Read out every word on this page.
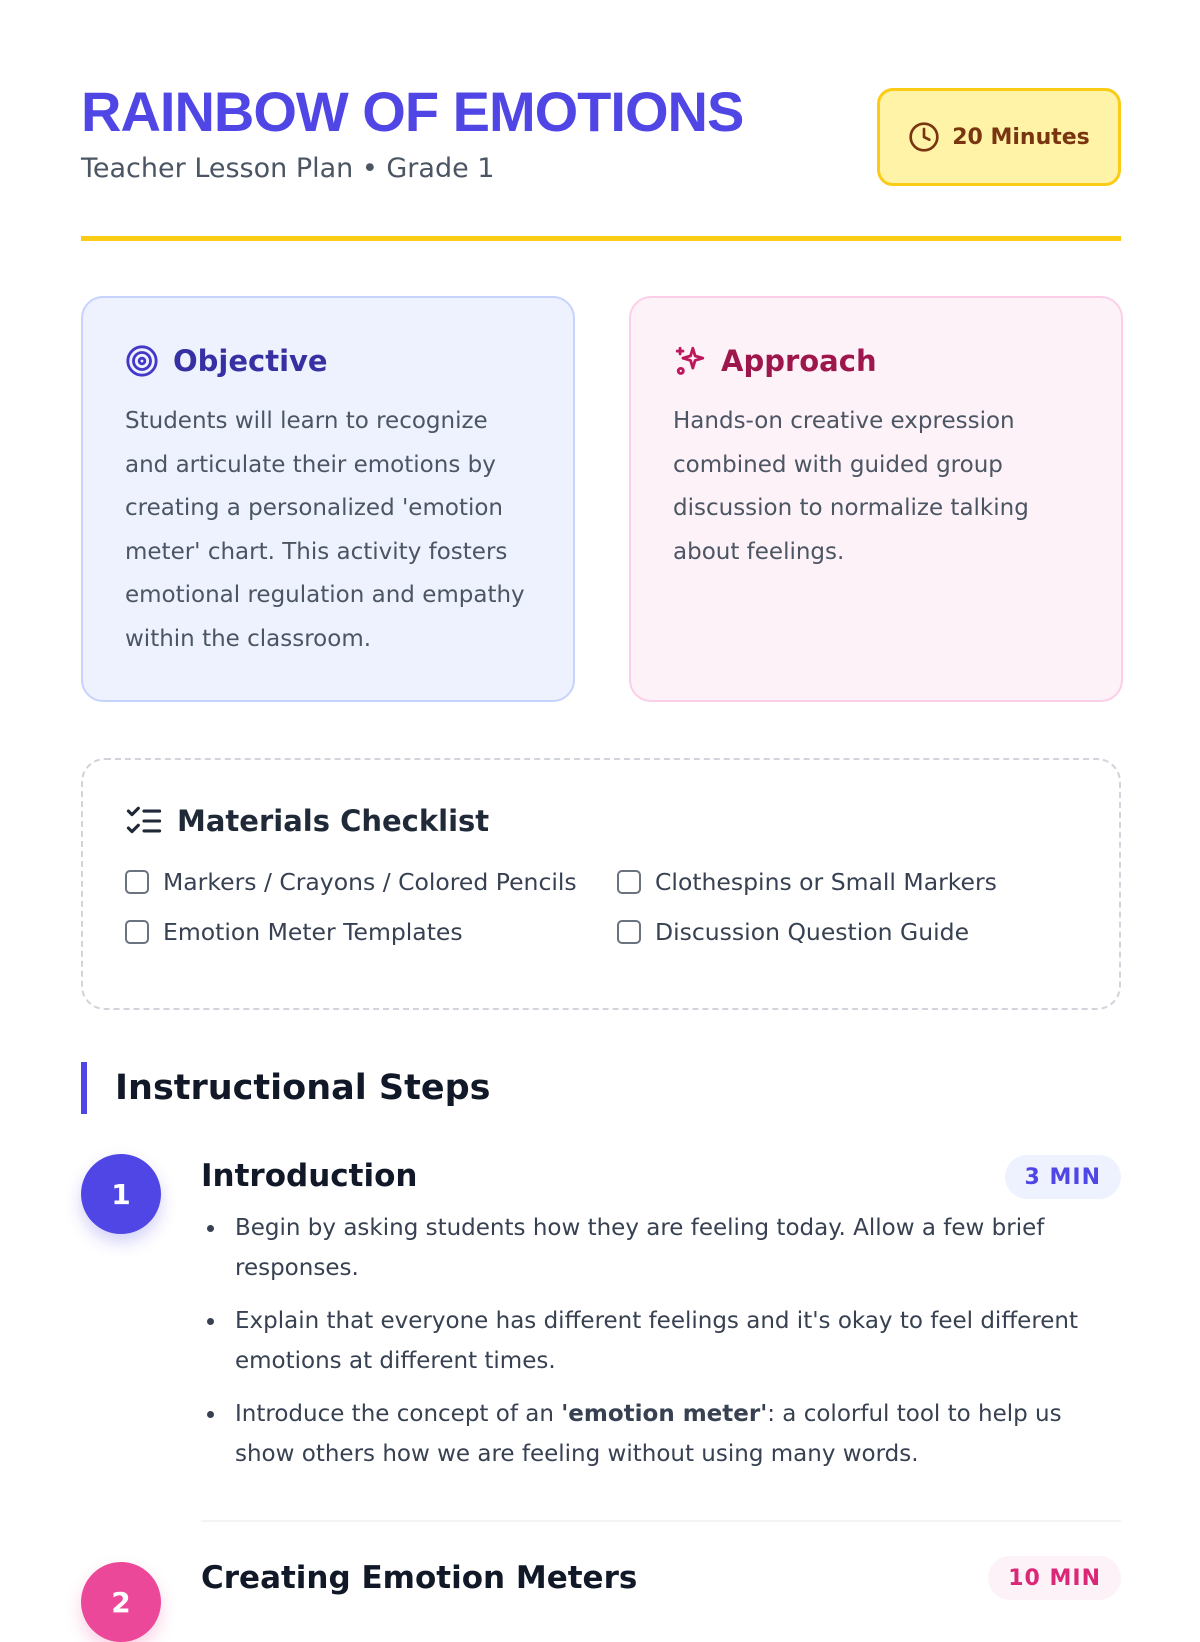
RAINBOW OF EMOTIONS
Teacher Lesson Plan • Grade 1
20 Minutes
Objective
Students will learn to recognize and articulate their emotions by creating a personalized 'emotion meter' chart. This activity fosters emotional regulation and empathy within the classroom.
Approach
Hands-on creative expression combined with guided group discussion to normalize talking about feelings.
Materials Checklist
Markers / Crayons / Colored Pencils	Clothespins or Small Markers
Emotion Meter Templates	Discussion Question Guide
Instructional Steps
1	Introduction	3 MIN
Begin by asking students how they are feeling today. Allow a few brief responses.
Explain that everyone has different feelings and it's okay to feel different emotions at different times.
Introduce the concept of an 'emotion meter': a colorful tool to help us show others how we are feeling without using many words.
2
Creating Emotion Meters	10 MIN
